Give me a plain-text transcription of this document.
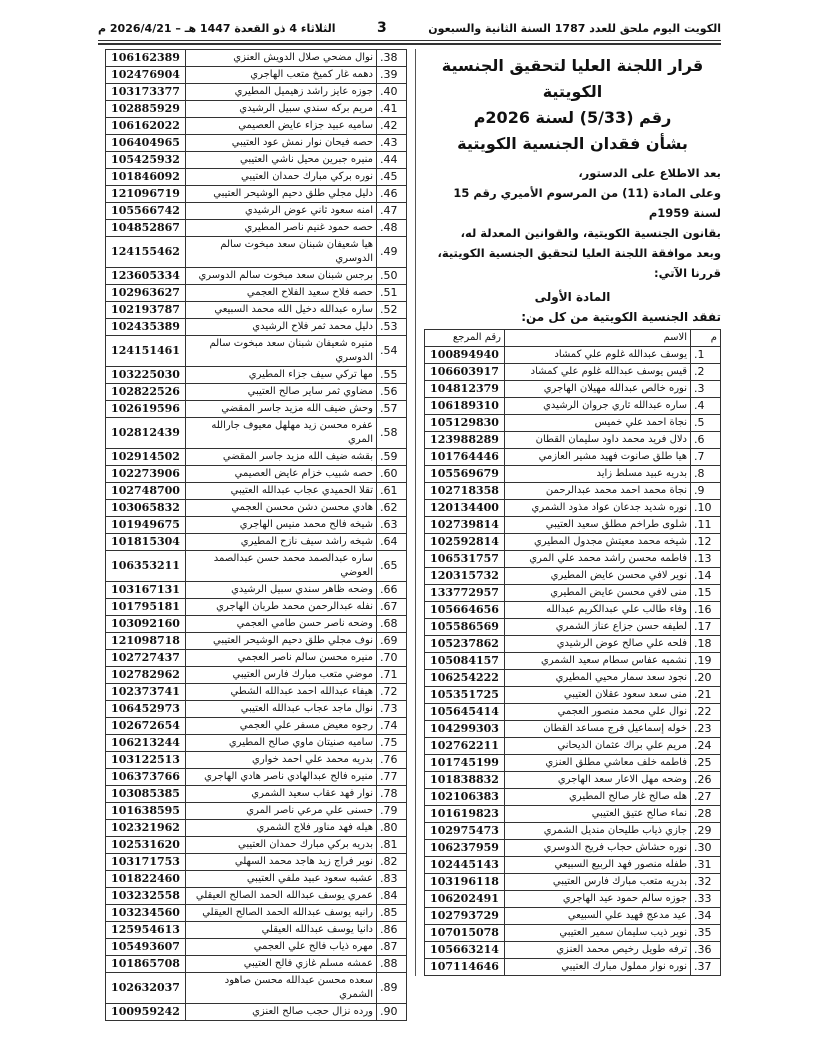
الكويت اليوم ملحق للعدد 1787 السنة الثانية والسبعون
3
الثلاثاء 4 ذو القعدة 1447 هـ – 2026/4/21 م
قرار اللجنة العليا لتحقيق الجنسية الكويتية
رقم (5/33) لسنة 2026م
بشأن فقدان الجنسية الكويتية
بعد الاطلاع على الدستور،
وعلى المادة (11) من المرسوم الأميري رقم 15 لسنة 1959م
بقانون الجنسية الكويتية، والقوانين المعدلة له،
وبعد موافقة اللجنة العليا لتحقيق الجنسية الكويتية،
قررنا الآتي:
المادة الأولى
تفقد الجنسية الكويتية من كل من:
م	الاسم	رقم المرجع
1.	يوسف عبدالله غلوم علي كمشاد	100894940
2.	قيس يوسف عبدالله غلوم علي كمشاد	106603917
3.	نوره خالص عبدالله مهيلان الهاجري	104812379
4.	ساره عبدالله ثاري جروان الرشيدي	106189310
5.	نجاة احمد علي خميس	105129830
6.	دلال فريد محمد داود سليمان القطان	123988289
7.	هيا طلق صانوت فهيد مشير العازمي	101764446
8.	بدريه عبيد مسلط زايد	105569679
9.	نجاة محمد احمد محمد عبدالرحمن	102718358
10.	نوره شديد جدعان عواد مذود الشمري	120134400
11.	شلوى طراخم مطلق سعيد العتيبي	102739814
12.	شيخه محمد معيتش مجدول المطيري	102592814
13.	فاطمه محسن راشد محمد علي المري	106531757
14.	نوير لافي محسن عايض المطيري	120315732
15.	منى لافي محسن عايض المطيري	133772957
16.	وفاء طالب علي عبدالكريم عبدالله	105664656
17.	لطيفه حسن جزاع عناز الشمري	105586569
18.	فلحه علي صالح عوض الرشيدي	105237862
19.	نشميه عفاس سطام سعيد الشمري	105084157
20.	نجود سعد سمار محيي المطيري	106254222
21.	منى سعد سعود عقلان العتيبي	105351725
22.	نوال علي محمد منصور العجمي	105645414
23.	خوله إسماعيل فرج مساعد القطان	104299303
24.	مريم علي براك عثمان الديحاني	102762211
25.	فاطمه خلف معاشي مطلق العنزي	101745199
26.	وضحه مهل الاعار سعد الهاجري	101838832
27.	هله صالح غار صالح المطيري	102106383
28.	نماء صالح عتيق العتيبي	101619823
29.	جازي ذياب طليحان منديل الشمري	102975473
30.	نوره حشاش حجاب فريح الدوسري	106237959
31.	طفله منصور فهد الربيع السبيعي	102445143
32.	بدريه متعب مبارك فارس العتيبي	103196118
33.	جوزه سالم حمود عيد الهاجري	106202491
34.	عيد مدعج فهيد علي السبيعي	102793729
35.	نوير ذيب سليمان سمير العتيبي	107015078
36.	ترفه طويل رخيص محمد العنزي	105663214
37.	نوره نوار مملول مبارك العتيبي	107114646
38.	نوال مضحي صلال الدويش العنزي	106162389
39.	دهمه غار كميخ متعب الهاجري	102476904
40.	جوزه عايز راشد زهيميل المطيري	103173377
41.	مريم بركه سندي سبيل الرشيدي	102885929
42.	ساميه عبيد جزاء عايض العصيمي	106162022
43.	حصه فيحان نوار نمش عود العتيبي	106404965
44.	منيره جبرين محيل ناشي العتيبي	105425932
45.	نوره بركي مبارك حمدان العتيبي	101846092
46.	دليل مجلي طلق دحيم الوشيحر العتيبي	121096719
47.	امنه سعود ثاني عوض الرشيدي	105566742
48.	حصه حمود غنيم ناصر المطيري	104852867
49.	هيا شعيفان شبنان سعد مبخوت سالم الدوسري	124155462
50.	برجس شبنان سعد مبخوت سالم الدوسري	123605334
51.	حصه فلاح سعيد الفلاح العجمي	102963627
52.	ساره عبدالله دخيل الله محمد السبيعي	102193787
53.	دليل محمد ثمر فلاح الرشيدي	102435389
54.	منيره شعيفان شبنان سعد مبخوت سالم الدوسري	124151461
55.	مها تركي سيف جزاء المطيري	103225030
56.	مضاوي ثمر ساير صالح العتيبي	102822526
57.	وحش ضيف الله مزيد جاسر المقضي	102619596
58.	عفره محسن زيد مهلهل معيوف جارالله المري	102812439
59.	بقشه ضيف الله مزيد جاسر المقضي	102914502
60.	حصه شبيب خزام عايض العصيمي	102273906
61.	تقلا الحميدي عجاب عبدالله العتيبي	102748700
62.	هادي محسن دشن محسن العجمي	103065832
63.	شيخه فالح محمد منيس الهاجري	101949675
64.	شيخه راشد سيف نازح المطيري	101815304
65.	ساره عبدالصمد محمد حسن عبدالصمد العوضي	106353211
66.	وضحه ظاهر سندي سبيل الرشيدي	103167131
67.	نفله عبدالرحمن محمد طربان الهاجري	101795181
68.	وضحه ناصر حسن طامي العجمي	103092160
69.	نوف مجلي طلق دحيم الوشيحر العتيبي	121098718
70.	منيره محسن سالم ناصر العجمي	102727437
71.	موضي متعب مبارك فارس العتيبي	102782962
72.	هيفاء عبدالله احمد عبدالله الشطي	102373741
73.	نوال ماجد عجاب عبدالله العتيبي	106452973
74.	رجوه معيض مسفر علي العجمي	102672654
75.	ساميه صنيتان ماوي صالح المطيري	106213244
76.	بدريه محمد علي احمد خواري	103122513
77.	منيره فالح عبدالهادي ناصر هادي الهاجري	106373766
78.	نوار فهد عقاب سعيد الشمري	103085385
79.	حسنى علي مرعي ناصر المري	101638595
80.	هيله فهد مناور فلاج الشمري	102321962
81.	بدريه بركي مبارك حمدان العتيبي	102531620
82.	نوير فراج زيد هاجد محمد السهلي	103171753
83.	عشبه سعود عبيد ملفي العتيبي	101822460
84.	عمري يوسف عبدالله الحمد الصالح العيقلي	103232558
85.	رانيه يوسف عبدالله الحمد الصالح العيقلي	103234560
86.	دانيا يوسف عبدالله العيقلي	125954613
87.	مهره ذياب فالح علي العجمي	105493607
88.	عمشه مسلم غازي فالح العتيبي	101865708
89.	سعده محسن عبدالله محسن صاهود الشمري	102632037
90.	ورده نزال حجب صالح العنزي	100959242
